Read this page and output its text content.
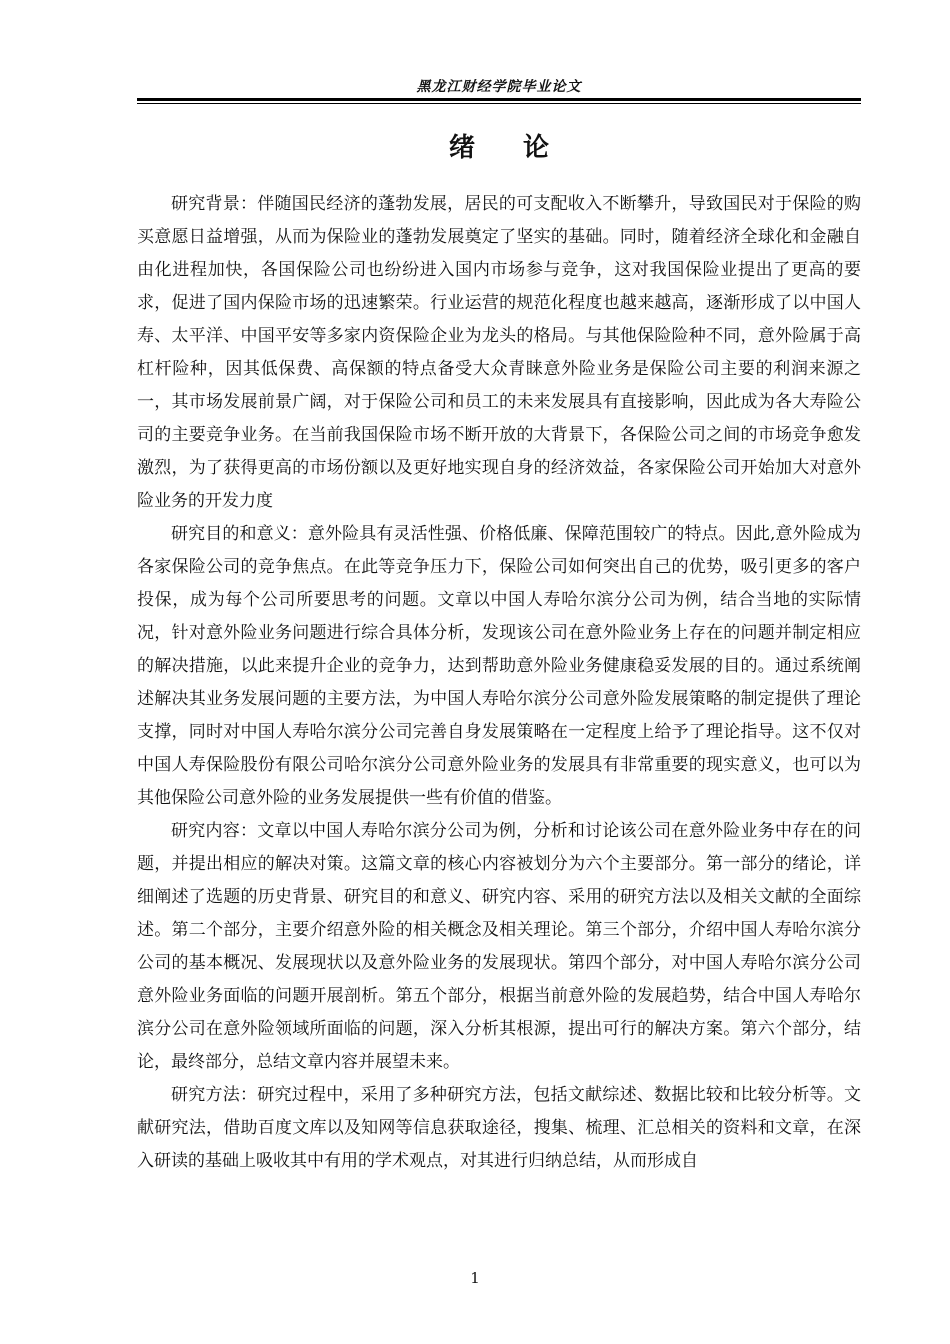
黑龙江财经学院毕业论文
绪论

研究背景：伴随国民经济的蓬勃发展，居民的可支配收入不断攀升，导致国民对于保险的购买意愿日益增强，从而为保险业的蓬勃发展奠定了坚实的基础。同时，随着经济全球化和金融自由化进程加快，各国保险公司也纷纷进入国内市场参与竞争，这对我国保险业提出了更高的要求，促进了国内保险市场的迅速繁荣。行业运营的规范化程度也越来越高，逐渐形成了以中国人寿、太平洋、中国平安等多家内资保险企业为龙头的格局。与其他保险险种不同，意外险属于高杠杆险种，因其低保费、高保额的特点备受大众青睐意外险业务是保险公司主要的利润来源之一，其市场发展前景广阔，对于保险公司和员工的未来发展具有直接影响，因此成为各大寿险公司的主要竞争业务。在当前我国保险市场不断开放的大背景下，各保险公司之间的市场竞争愈发激烈，为了获得更高的市场份额以及更好地实现自身的经济效益，各家保险公司开始加大对意外险业务的开发力度

研究目的和意义：意外险具有灵活性强、价格低廉、保障范围较广的特点。因此,意外险成为各家保险公司的竞争焦点。在此等竞争压力下，保险公司如何突出自己的优势，吸引更多的客户投保，成为每个公司所要思考的问题。文章以中国人寿哈尔滨分公司为例，结合当地的实际情况，针对意外险业务问题进行综合具体分析，发现该公司在意外险业务上存在的问题并制定相应的解决措施，以此来提升企业的竞争力，达到帮助意外险业务健康稳妥发展的目的。通过系统阐述解决其业务发展问题的主要方法，为中国人寿哈尔滨分公司意外险发展策略的制定提供了理论支撑，同时对中国人寿哈尔滨分公司完善自身发展策略在一定程度上给予了理论指导。这不仅对中国人寿保险股份有限公司哈尔滨分公司意外险业务的发展具有非常重要的现实意义，也可以为其他保险公司意外险的业务发展提供一些有价值的借鉴。

研究内容：文章以中国人寿哈尔滨分公司为例，分析和讨论该公司在意外险业务中存在的问题，并提出相应的解决对策。这篇文章的核心内容被划分为六个主要部分。第一部分的绪论，详细阐述了选题的历史背景、研究目的和意义、研究内容、采用的研究方法以及相关文献的全面综述。第二个部分，主要介绍意外险的相关概念及相关理论。第三个部分，介绍中国人寿哈尔滨分公司的基本概况、发展现状以及意外险业务的发展现状。第四个部分，对中国人寿哈尔滨分公司意外险业务面临的问题开展剖析。第五个部分，根据当前意外险的发展趋势，结合中国人寿哈尔滨分公司在意外险领域所面临的问题，深入分析其根源，提出可行的解决方案。第六个部分，结论，最终部分，总结文章内容并展望未来。

研究方法：研究过程中，采用了多种研究方法，包括文献综述、数据比较和比较分析等。文献研究法，借助百度文库以及知网等信息获取途径，搜集、梳理、汇总相关的资料和文章，在深入研读的基础上吸收其中有用的学术观点，对其进行归纳总结，从而形成自

1
